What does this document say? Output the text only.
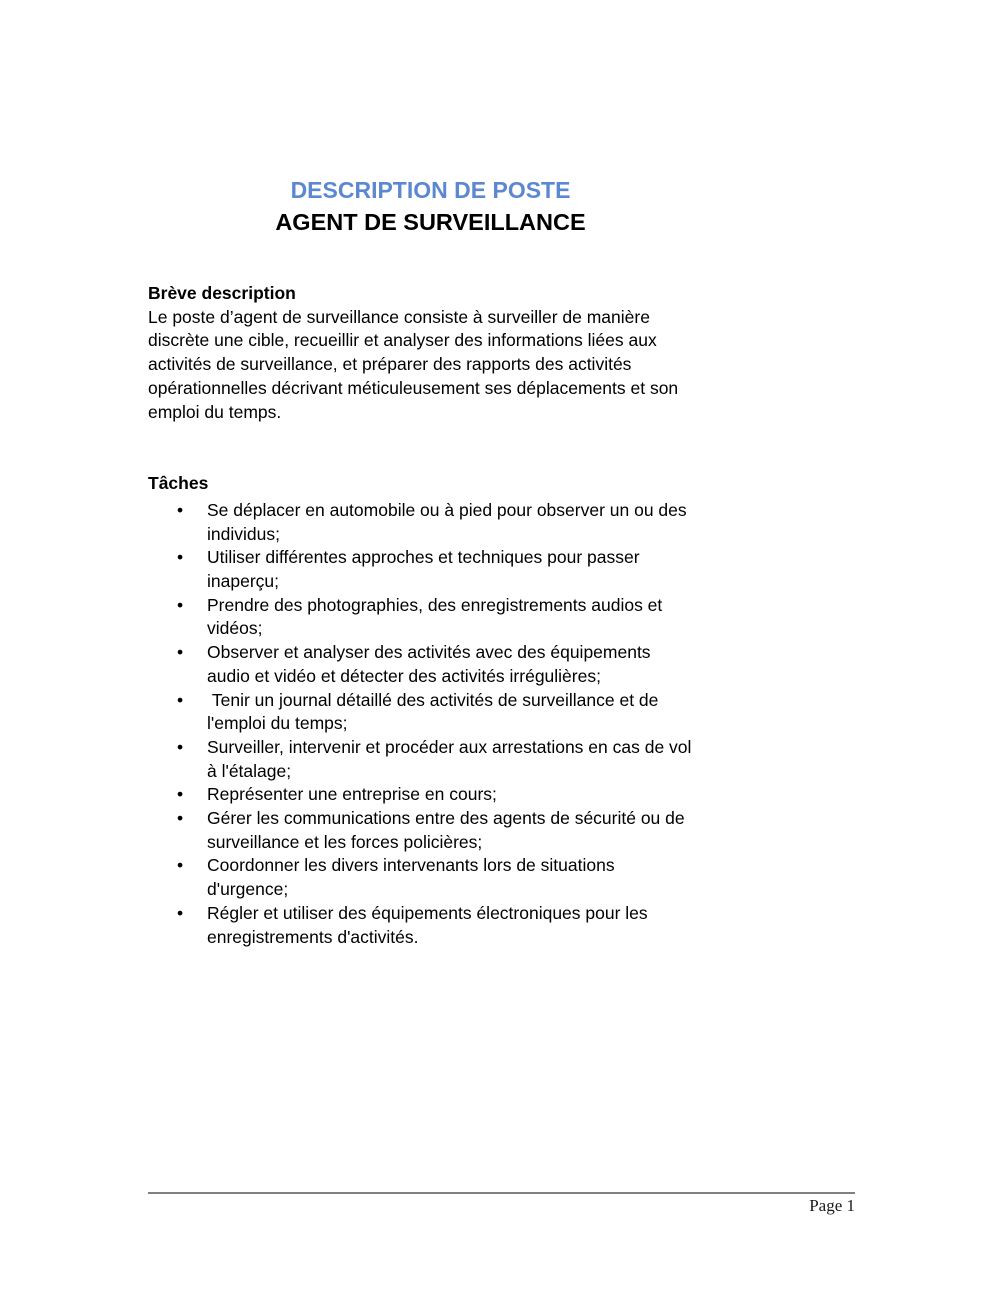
DESCRIPTION DE POSTE
AGENT DE SURVEILLANCE
Brève description

Le poste d’agent de surveillance consiste à surveiller de manière discrète une cible, recueillir et analyser des informations liées aux activités de surveillance, et préparer des rapports des activités opérationnelles décrivant méticuleusement ses déplacements et son emploi du temps.

Tâches
• Se déplacer en automobile ou à pied pour observer un ou des individus;
• Utiliser différentes approches et techniques pour passer inaperçu;
• Prendre des photographies, des enregistrements audios et vidéos;
• Observer et analyser des activités avec des équipements audio et vidéo et détecter des activités irrégulières;
• Tenir un journal détaillé des activités de surveillance et de l'emploi du temps;
• Surveiller, intervenir et procéder aux arrestations en cas de vol à l'étalage;
• Représenter une entreprise en cours;
• Gérer les communications entre des agents de sécurité ou de surveillance et les forces policières;
• Coordonner les divers intervenants lors de situations d'urgence;
• Régler et utiliser des équipements électroniques pour les enregistrements d'activités.
Page 1
